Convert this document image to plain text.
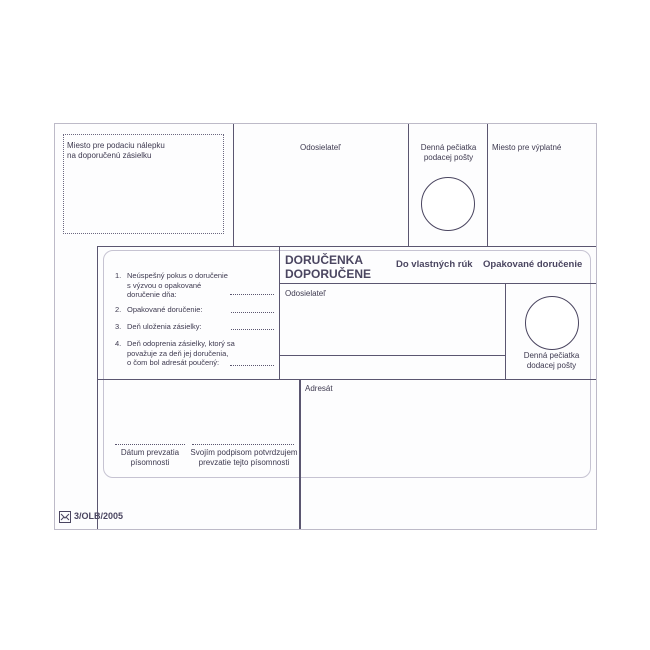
Miesto pre podaciu nálepku
na doporučenú zásielku
Odosielateľ	Denná pečiatka
podacej pošty
Miesto pre výplatné
1. Neúspešný pokus o doručenie
s výzvou o opakované
doručenie dňa:
2. Opakované doručenie:
3. Deň uloženia zásielky:
4. Deň odoprenia zásielky, ktorý sa
považuje za deň jej doručenia,
o čom bol adresát poučený:
DORUČENKA
DOPORUČENE
Do vlastných rúk Opakované doručenie
Odosielateľ
Denná pečiatka
dodacej pošty
Adresát
Dátum prevzatia
písomnosti
Svojím podpisom potvrdzujem
prevzatie tejto písomnosti
3/OLB/2005
